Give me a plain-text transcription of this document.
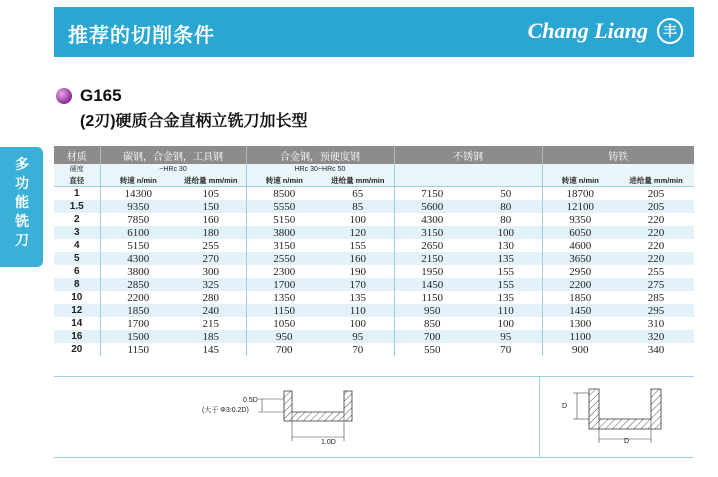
推荐的切削条件	Chang Liang 丰
多
功
能
铣
刀
G165
(2刃)硬质合金直柄立铣刀加长型
材质	碳钢，合金钢，工具钢		合金钢，预硬度钢		不锈钢		铸铁	
硬度	~HRc 30		HRc 30~HRc 50					
直径	转速 n/min	进给量 mm/min	转速 n/min	进给量 mm/min			转速 n/min	进给量 mm/min
1	14300	105	8500	65	7150	50	18700	205
1.5	9350	150	5550	85	5600	80	12100	205
2	7850	160	5150	100	4300	80	9350	220
3	6100	180	3800	120	3150	100	6050	220
4	5150	255	3150	155	2650	130	4600	220
5	4300	270	2550	160	2150	135	3650	220
6	3800	300	2300	190	1950	155	2950	255
8	2850	325	1700	170	1450	155	2200	275
10	2200	280	1350	135	1150	135	1850	285
12	1850	240	1150	110	950	110	1450	295
14	1700	215	1050	100	850	100	1300	310
16	1500	185	950	95	700	95	1100	320
20	1150	145	700	70	550	70	900	340
0.5D
(大于 Φ3:0.2D)
1.0D
D
D
